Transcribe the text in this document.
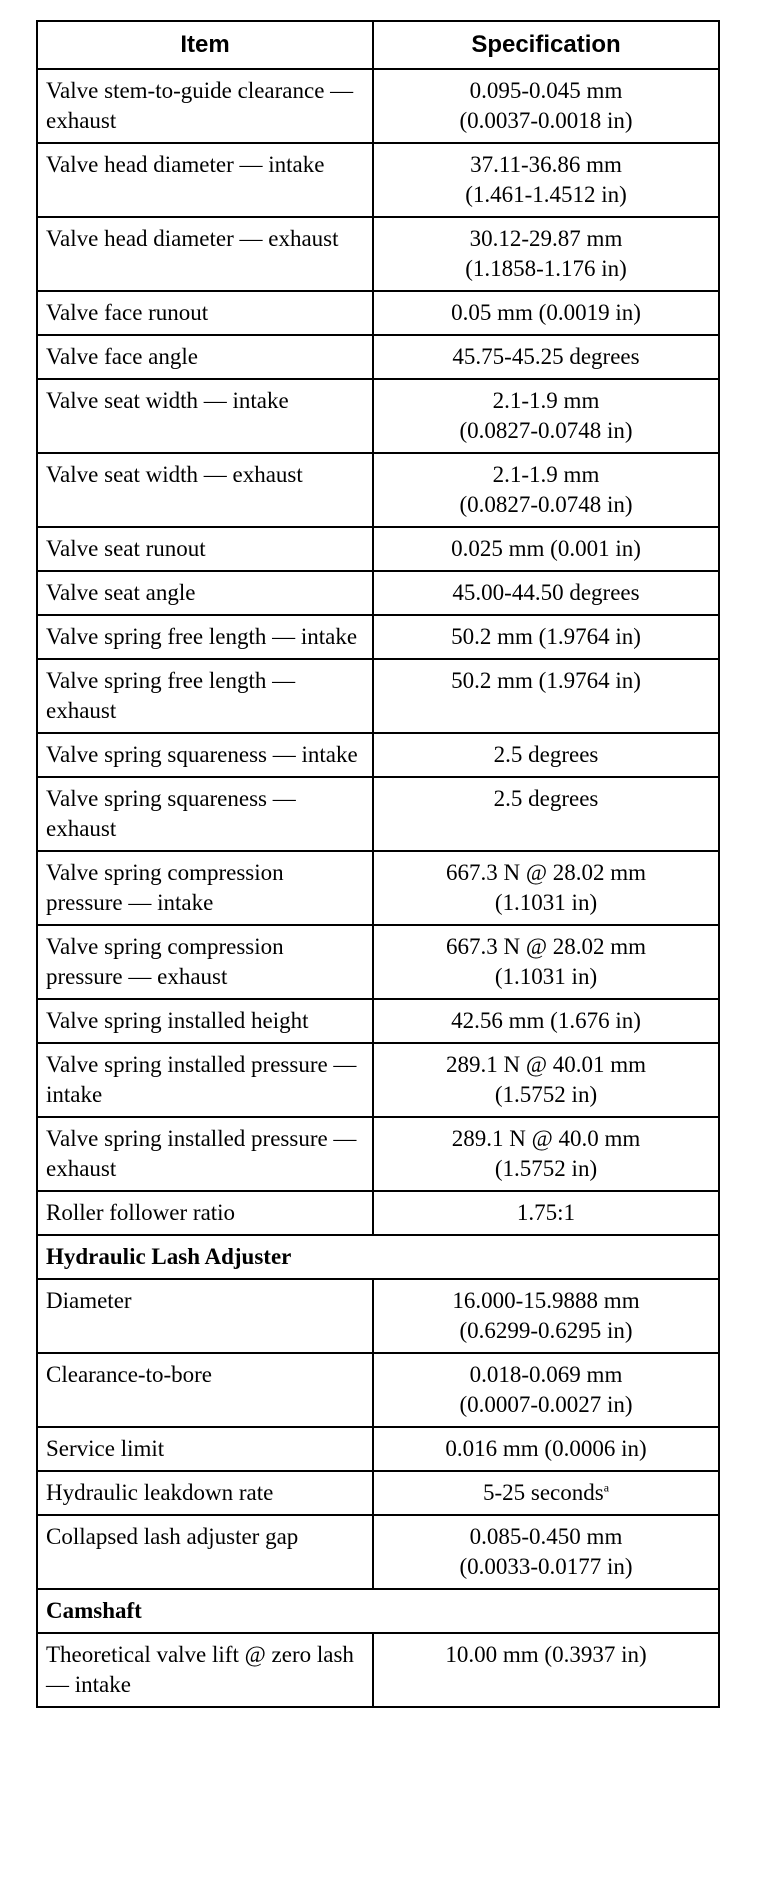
Item	Specification
Valve stem-to-guide clearance — exhaust	0.095-0.045 mm
(0.0037-0.0018 in)

Valve head diameter — intake	37.11-36.86 mm
(1.461-1.4512 in)

Valve head diameter — exhaust	30.12-29.87 mm
(1.1858-1.176 in)

Valve face runout	0.05 mm (0.0019 in)

Valve face angle	45.75-45.25 degrees

Valve seat width — intake	2.1-1.9 mm
(0.0827-0.0748 in)

Valve seat width — exhaust	2.1-1.9 mm
(0.0827-0.0748 in)

Valve seat runout	0.025 mm (0.001 in)

Valve seat angle	45.00-44.50 degrees

Valve spring free length — intake	50.2 mm (1.9764 in)

Valve spring free length — exhaust	50.2 mm (1.9764 in)

Valve spring squareness — intake	2.5 degrees

Valve spring squareness — exhaust	2.5 degrees

Valve spring compression pressure — intake	667.3 N @ 28.02 mm
(1.1031 in)

Valve spring compression pressure — exhaust	667.3 N @ 28.02 mm
(1.1031 in)

Valve spring installed height	42.56 mm (1.676 in)

Valve spring installed pressure — intake	289.1 N @ 40.01 mm
(1.5752 in)

Valve spring installed pressure — exhaust	289.1 N @ 40.0 mm
(1.5752 in)

Roller follower ratio	1.75:1

Hydraulic Lash Adjuster	
Diameter	16.000-15.9888 mm
(0.6299-0.6295 in)

Clearance-to-bore	0.018-0.069 mm
(0.0007-0.0027 in)

Service limit	0.016 mm (0.0006 in)

Hydraulic leakdown rate	5-25 seconds$^a$

Collapsed lash adjuster gap	0.085-0.450 mm
(0.0033-0.0177 in)

Camshaft	
Theoretical valve lift @ zero lash — intake	10.00 mm (0.3937 in)
